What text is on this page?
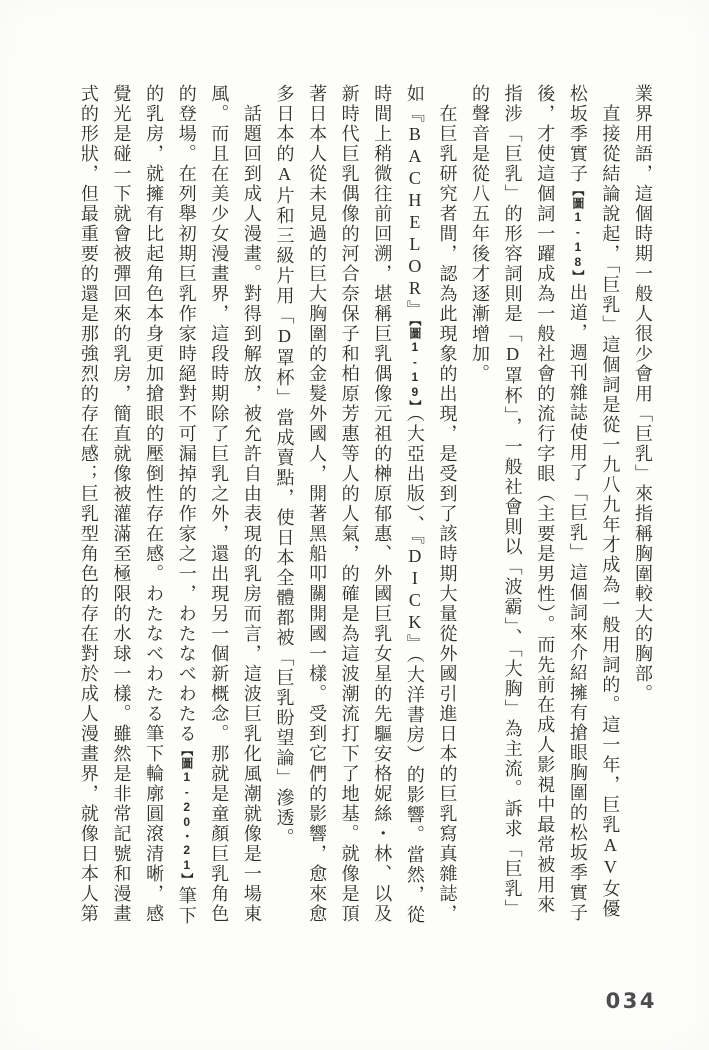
業界用語，這個時期一般人很少會用「巨乳」來指稱胸圍較大的胸部。

直接從結論說起，「巨乳」這個詞是從一九八九年才成為一般用詞的。這一年，巨乳AV女優松坂季實子【圖1-18】出道，週刊雜誌使用了「巨乳」這個詞來介紹擁有搶眼胸圍的松坂季實子後，才使這個詞一躍成為一般社會的流行字眼（主要是男性）。而先前在成人影視中最常被用來指涉「巨乳」的形容詞則是「D罩杯」，一般社會則以「波霸」、「大胸」為主流。訴求「巨乳」的聲音是從八五年後才逐漸增加。

在巨乳研究者間，認為此現象的出現，是受到了該時期大量從外國引進日本的巨乳寫真雜誌，如『BACHELOR』【圖1-19】（大亞出版）、『DICK』（大洋書房）的影響。當然，從時間上稍微往前回溯，堪稱巨乳偶像元祖的榊原郁惠、外國巨乳女星的先驅安格妮絲・林、以及新時代巨乳偶像的河合奈保子和柏原芳惠等人的人氣，的確是為這波潮流打下了地基。就像是頂著日本人從未見過的巨大胸圍的金髮外國人，開著黑船叩關開國一樣。受到它們的影響，愈來愈多日本的A片和三級片用「D罩杯」當成賣點，使日本全體都被「巨乳盼望論」滲透。

話題回到成人漫畫。對得到解放，被允許自由表現的乳房而言，這波巨乳化風潮就像是一場東風。而且在美少女漫畫界，這段時期除了巨乳之外，還出現另一個新概念。那就是童顏巨乳角色的登場。在列舉初期巨乳作家時絕對不可漏掉的作家之一，わたなべわたる【圖1-20・21】筆下的乳房，就擁有比起角色本身更加搶眼的壓倒性存在感。わたなべわたる筆下輪廓圓滾清晰，感覺光是碰一下就會被彈回來的乳房，簡直就像被灌滿至極限的水球一樣。雖然是非常記號和漫畫式的形狀，但最重要的還是那強烈的存在感；巨乳型角色的存在對於成人漫畫界，就像日本人第

034
